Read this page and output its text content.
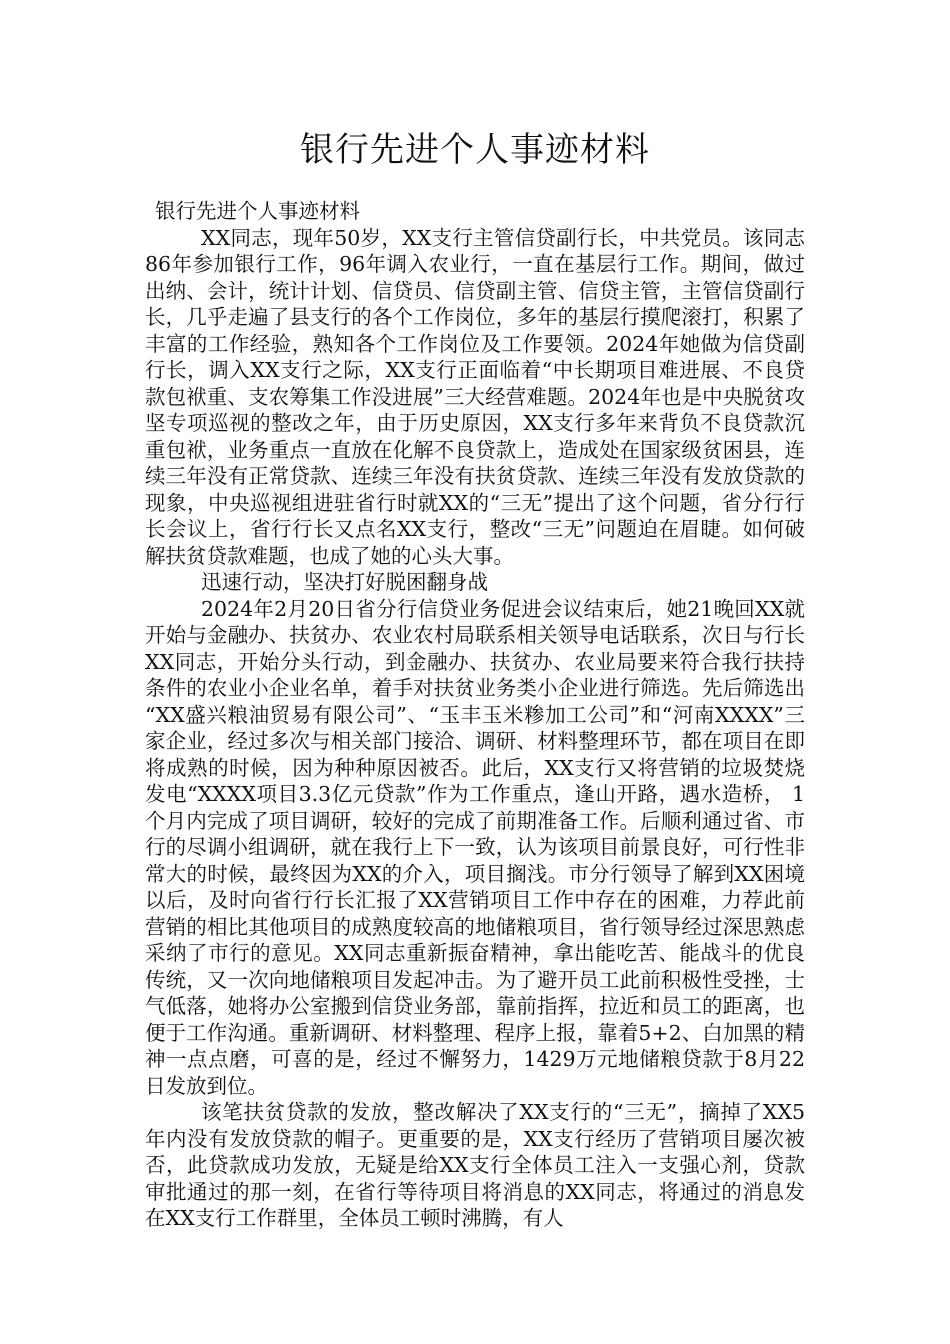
银行先进个人事迹材料

银行先进个人事迹材料

XX同志，现年50岁，XX支行主管信贷副行长，中共党员。该同志86年参加银行工作，96年调入农业行，一直在基层行工作。期间，做过出纳、会计，统计计划、信贷员、信贷副主管、信贷主管，主管信贷副行长，几乎走遍了县支行的各个工作岗位，多年的基层行摸爬滚打，积累了丰富的工作经验，熟知各个工作岗位及工作要领。2024年她做为信贷副行长，调入XX支行之际，XX支行正面临着“中长期项目难进展、不良贷款包袱重、支农筹集工作没进展”三大经营难题。2024年也是中央脱贫攻坚专项巡视的整改之年，由于历史原因，XX支行多年来背负不良贷款沉重包袱，业务重点一直放在化解不良贷款上，造成处在国家级贫困县，连续三年没有正常贷款、连续三年没有扶贫贷款、连续三年没有发放贷款的现象，中央巡视组进驻省行时就XX的“三无”提出了这个问题，省分行行长会议上，省行行长又点名XX支行，整改“三无”问题迫在眉睫。如何破解扶贫贷款难题，也成了她的心头大事。

迅速行动，坚决打好脱困翻身战

2024年2月20日省分行信贷业务促进会议结束后，她21晚回XX就开始与金融办、扶贫办、农业农村局联系相关领导电话联系，次日与行长XX同志，开始分头行动，到金融办、扶贫办、农业局要来符合我行扶持条件的农业小企业名单，着手对扶贫业务类小企业进行筛选。先后筛选出 “XX盛兴粮油贸易有限公司”、“玉丰玉米糁加工公司”和“河南XXXX”三家企业，经过多次与相关部门接洽、调研、材料整理环节，都在项目在即将成熟的时候，因为种种原因被否。此后，XX支行又将营销的垃圾焚烧发电“XXXX项目3.3亿元贷款”作为工作重点，逢山开路，遇水造桥， 1个月内完成了项目调研，较好的完成了前期准备工作。后顺利通过省、市行的尽调小组调研，就在我行上下一致，认为该项目前景良好，可行性非常大的时候，最终因为XX的介入，项目搁浅。市分行领导了解到XX困境以后，及时向省行行长汇报了XX营销项目工作中存在的困难，力荐此前营销的相比其他项目的成熟度较高的地储粮项目，省行领导经过深思熟虑采纳了市行的意见。XX同志重新振奋精神，拿出能吃苦、能战斗的优良传统，又一次向地储粮项目发起冲击。为了避开员工此前积极性受挫，士气低落，她将办公室搬到信贷业务部，靠前指挥，拉近和员工的距离，也便于工作沟通。重新调研、材料整理、程序上报，靠着5+2、白加黑的精神一点点磨，可喜的是，经过不懈努力，1429万元地储粮贷款于8月22日发放到位。

该笔扶贫贷款的发放，整改解决了XX支行的“三无”，摘掉了XX5年内没有发放贷款的帽子。更重要的是，XX支行经历了营销项目屡次被否，此贷款成功发放，无疑是给XX支行全体员工注入一支强心剂，贷款审批通过的那一刻，在省行等待项目将消息的XX同志，将通过的消息发在XX支行工作群里，全体员工顿时沸腾，有人
